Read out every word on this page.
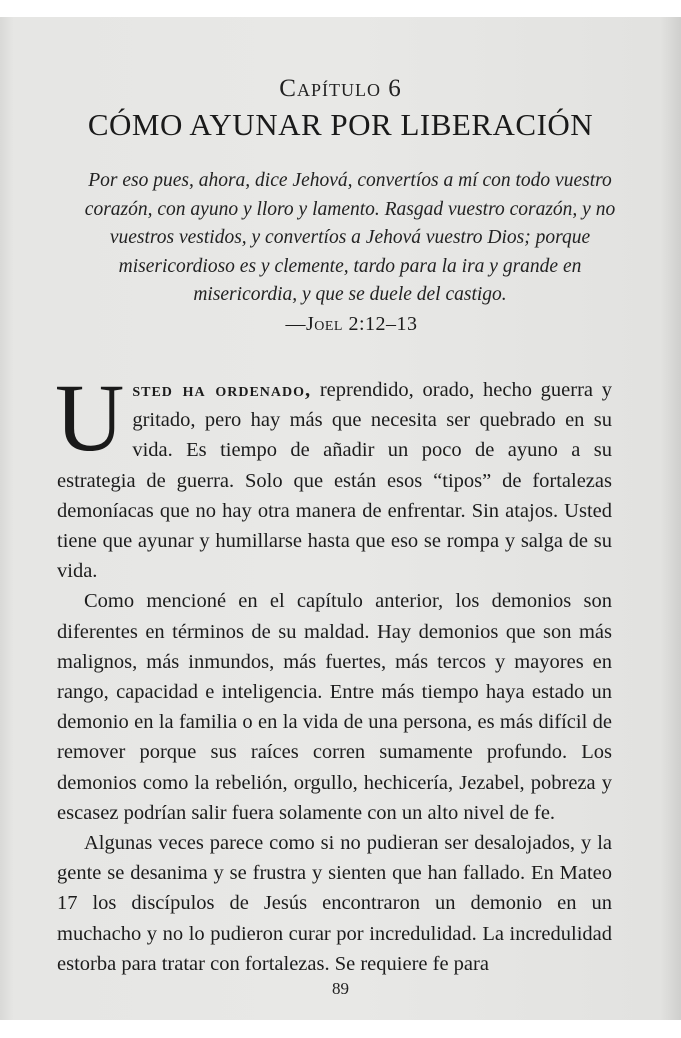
Capítulo 6
CÓMO AYUNAR POR LIBERACIÓN
Por eso pues, ahora, dice Jehová, convertíos a mí con todo vuestro corazón, con ayuno y lloro y lamento. Rasgad vuestro corazón, y no vuestros vestidos, y convertíos a Jehová vuestro Dios; porque misericordioso es y clemente, tardo para la ira y grande en misericordia, y que se duele del castigo.
—Joel 2:12–13

Usted ha ordenado, reprendido, orado, hecho guerra y gritado, pero hay más que necesita ser quebrado en su vida. Es tiempo de añadir un poco de ayuno a su estrategia de guerra. Solo que están esos “tipos” de fortalezas demoníacas que no hay otra manera de enfrentar. Sin atajos. Usted tiene que ayunar y humillarse hasta que eso se rompa y salga de su vida.

Como mencioné en el capítulo anterior, los demonios son diferentes en términos de su maldad. Hay demonios que son más malignos, más inmundos, más fuertes, más tercos y mayores en rango, capacidad e inteligencia. Entre más tiempo haya estado un demonio en la familia o en la vida de una persona, es más difícil de remover porque sus raíces corren sumamente profundo. Los demonios como la rebelión, orgullo, hechicería, Jezabel, pobreza y escasez podrían salir fuera solamente con un alto nivel de fe.

Algunas veces parece como si no pudieran ser desalojados, y la gente se desanima y se frustra y sienten que han fallado. En Mateo 17 los discípulos de Jesús encontraron un demonio en un muchacho y no lo pudieron curar por incredulidad. La incredulidad estorba para tratar con fortalezas. Se requiere fe para

89
